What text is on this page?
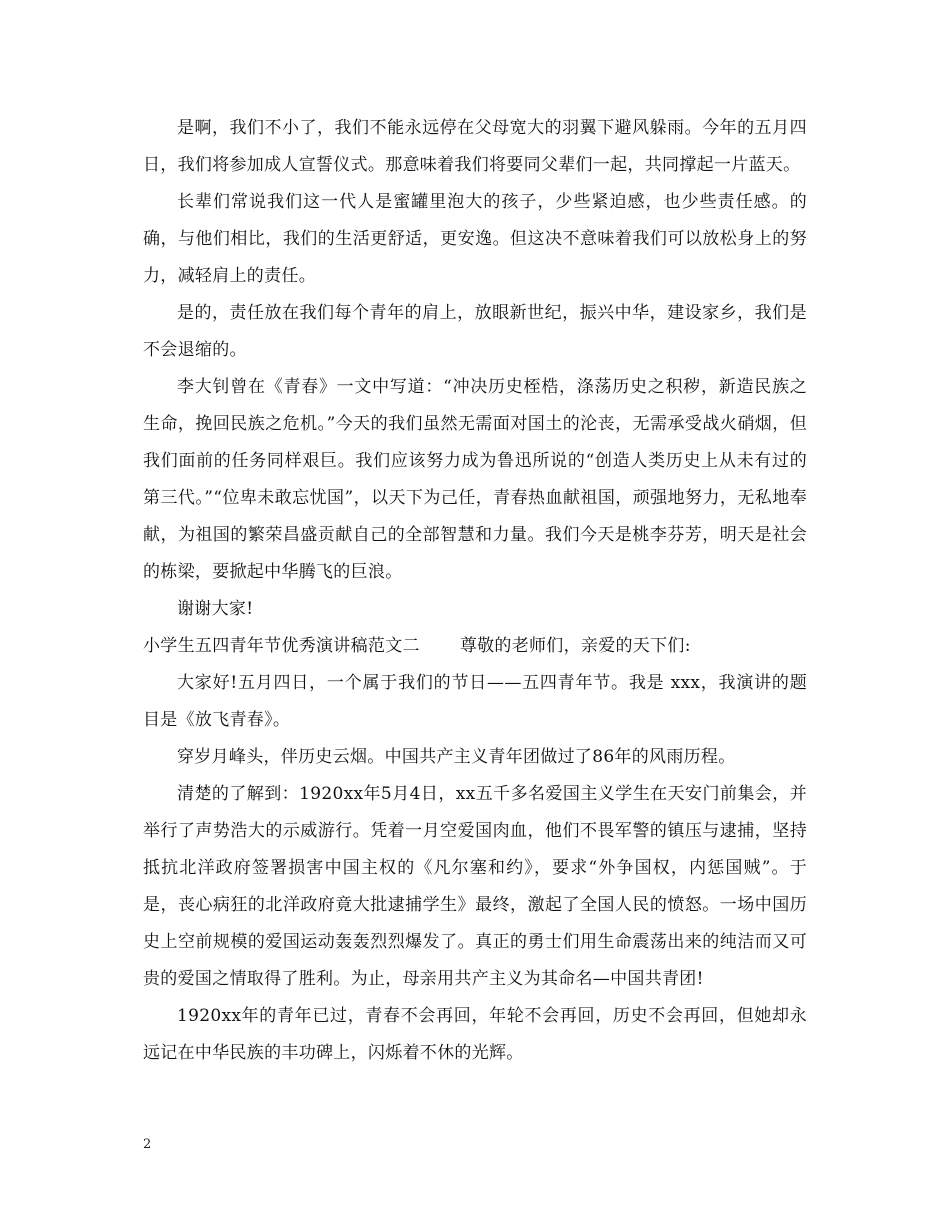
是啊，我们不小了，我们不能永远停在父母宽大的羽翼下避风躲雨。今年的五月四日，我们将参加成人宣誓仪式。那意味着我们将要同父辈们一起，共同撑起一片蓝天。

长辈们常说我们这一代人是蜜罐里泡大的孩子，少些紧迫感，也少些责任感。的确，与他们相比，我们的生活更舒适，更安逸。但这决不意味着我们可以放松身上的努力，减轻肩上的责任。

是的，责任放在我们每个青年的肩上，放眼新世纪，振兴中华，建设家乡，我们是不会退缩的。

李大钊曾在《青春》一文中写道：“冲决历史桎梏，涤荡历史之积秽，新造民族之生命，挽回民族之危机。”今天的我们虽然无需面对国土的沦丧，无需承受战火硝烟，但我们面前的任务同样艰巨。我们应该努力成为鲁迅所说的“创造人类历史上从未有过的第三代。”“位卑未敢忘忧国”，以天下为己任，青春热血献祖国，顽强地努力，无私地奉献，为祖国的繁荣昌盛贡献自己的全部智慧和力量。我们今天是桃李芬芳，明天是社会的栋梁，要掀起中华腾飞的巨浪。

谢谢大家!

小学生五四青年节优秀演讲稿范文二 尊敬的老师们，亲爱的天下们:

大家好!五月四日，一个属于我们的节日——五四青年节。我是 xxx，我演讲的题目是《放飞青春》。

穿岁月峰头，伴历史云烟。中国共产主义青年团做过了86年的风雨历程。

清楚的了解到：1920xx年5月4日，xx五千多名爱国主义学生在天安门前集会，并举行了声势浩大的示威游行。凭着一月空爱国肉血，他们不畏军警的镇压与逮捕，坚持抵抗北洋政府签署损害中国主权的《凡尔塞和约》，要求“外争国权，内惩国贼”。于是，丧心病狂的北洋政府竟大批逮捕学生》最终，激起了全国人民的愤怒。一场中国历史上空前规模的爱国运动轰轰烈烈爆发了。真正的勇士们用生命震荡出来的纯洁而又可贵的爱国之情取得了胜利。为止，母亲用共产主义为其命名—中国共青团!

1920xx年的青年已过，青春不会再回，年轮不会再回，历史不会再回，但她却永远记在中华民族的丰功碑上，闪烁着不休的光辉。

2
